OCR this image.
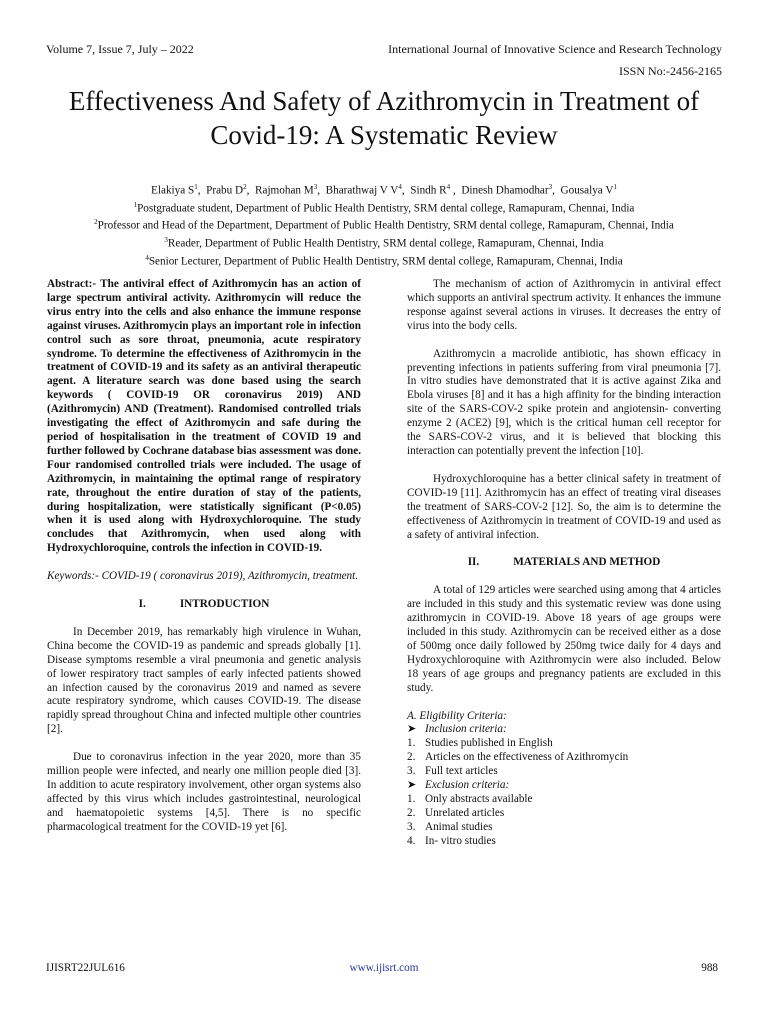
Volume 7, Issue 7, July – 2022	International Journal of Innovative Science and Research Technology
ISSN No:-2456-2165
Effectiveness And Safety of Azithromycin in Treatment of Covid-19: A Systematic Review
Elakiya $S^1$,  Prabu $D^2$,  Rajmohan $M^3$,  Bharathwaj V $V^4$,  Sindh $R^4$ ,  Dinesh Dhamodhar$^3$,  Gousalya $V^1$
$^1$Postgraduate student, Department of Public Health Dentistry, SRM dental college, Ramapuram, Chennai, India
$^2$Professor and Head of the Department, Department of Public Health Dentistry, SRM dental college, Ramapuram, Chennai, India
$^3$Reader, Department of Public Health Dentistry, SRM dental college, Ramapuram, Chennai, India
$^4$Senior Lecturer, Department of Public Health Dentistry, SRM dental college, Ramapuram, Chennai, India

Abstract:- The antiviral effect of Azithromycin has an action of large spectrum antiviral activity. Azithromycin will reduce the virus entry into the cells and also enhance the immune response against viruses. Azithromycin plays an important role in infection control such as sore throat, pneumonia, acute respiratory syndrome. To determine the effectiveness of Azithromycin in the treatment of COVID-19 and its safety as an antiviral therapeutic agent. A literature search was done based using the search keywords ( COVID-19 OR coronavirus 2019) AND (Azithromycin) AND (Treatment). Randomised controlled trials investigating the effect of Azithromycin and safe during the period of hospitalisation in the treatment of COVID 19 and further followed by Cochrane database bias assessment was done. Four randomised controlled trials were included. The usage of Azithromycin, in maintaining the optimal range of respiratory rate, throughout the entire duration of stay of the patients, during hospitalization, were statistically significant (P<0.05) when it is used along with Hydroxychloroquine. The study concludes that Azithromycin, when used along with Hydroxychloroquine, controls the infection in COVID-19.

Keywords:- COVID-19 ( coronavirus 2019), Azithromycin, treatment.

I.	INTRODUCTION

In December 2019, has remarkably high virulence in Wuhan, China become the COVID-19 as pandemic and spreads globally [1]. Disease symptoms resemble a viral pneumonia and genetic analysis of lower respiratory tract samples of early infected patients showed an infection caused by the coronavirus 2019 and named as severe acute respiratory syndrome, which causes COVID-19. The disease rapidly spread throughout China and infected multiple other countries [2].

Due to coronavirus infection in the year 2020, more than 35 million people were infected, and nearly one million people died [3]. In addition to acute respiratory involvement, other organ systems also affected by this virus which includes gastrointestinal, neurological and haematopoietic systems [4,5]. There is no specific pharmacological treatment for the COVID-19 yet [6].

The mechanism of action of Azithromycin in antiviral effect which supports an antiviral spectrum activity. It enhances the immune response against several actions in viruses. It decreases the entry of virus into the body cells.

Azithromycin a macrolide antibiotic, has shown efficacy in preventing infections in patients suffering from viral pneumonia [7]. In vitro studies have demonstrated that it is active against Zika and Ebola viruses [8] and it has a high affinity for the binding interaction site of the SARS-COV-2 spike protein and angiotensin- converting enzyme 2 (ACE2) [9], which is the critical human cell receptor for the SARS-COV-2 virus, and it is believed that blocking this interaction can potentially prevent the infection [10].

Hydroxychloroquine has a better clinical safety in treatment of COVID-19 [11]. Azithromycin has an effect of treating viral diseases the treatment of SARS-COV-2 [12]. So, the aim is to determine the effectiveness of Azithromycin in treatment of COVID-19 and used as a safety of antiviral infection.

II.	MATERIALS AND METHOD

A total of 129 articles were searched using among that 4 articles are included in this study and this systematic review was done using azithromycin in COVID-19. Above 18 years of age groups were included in this study. Azithromycin can be received either as a dose of 500mg once daily followed by 250mg twice daily for 4 days and Hydroxychloroquine with Azithromycin were also included. Below 18 years of age groups and pregnancy patients are excluded in this study.

A. Eligibility Criteria:

➤ Inclusion criteria:
1. Studies published in English
2. Articles on the effectiveness of Azithromycin
3. Full text articles
➤ Exclusion criteria:
1. Only abstracts available
2. Unrelated articles
3. Animal studies
4. In- vitro studies
IJISRT22JUL616	www.ijisrt.com	988
